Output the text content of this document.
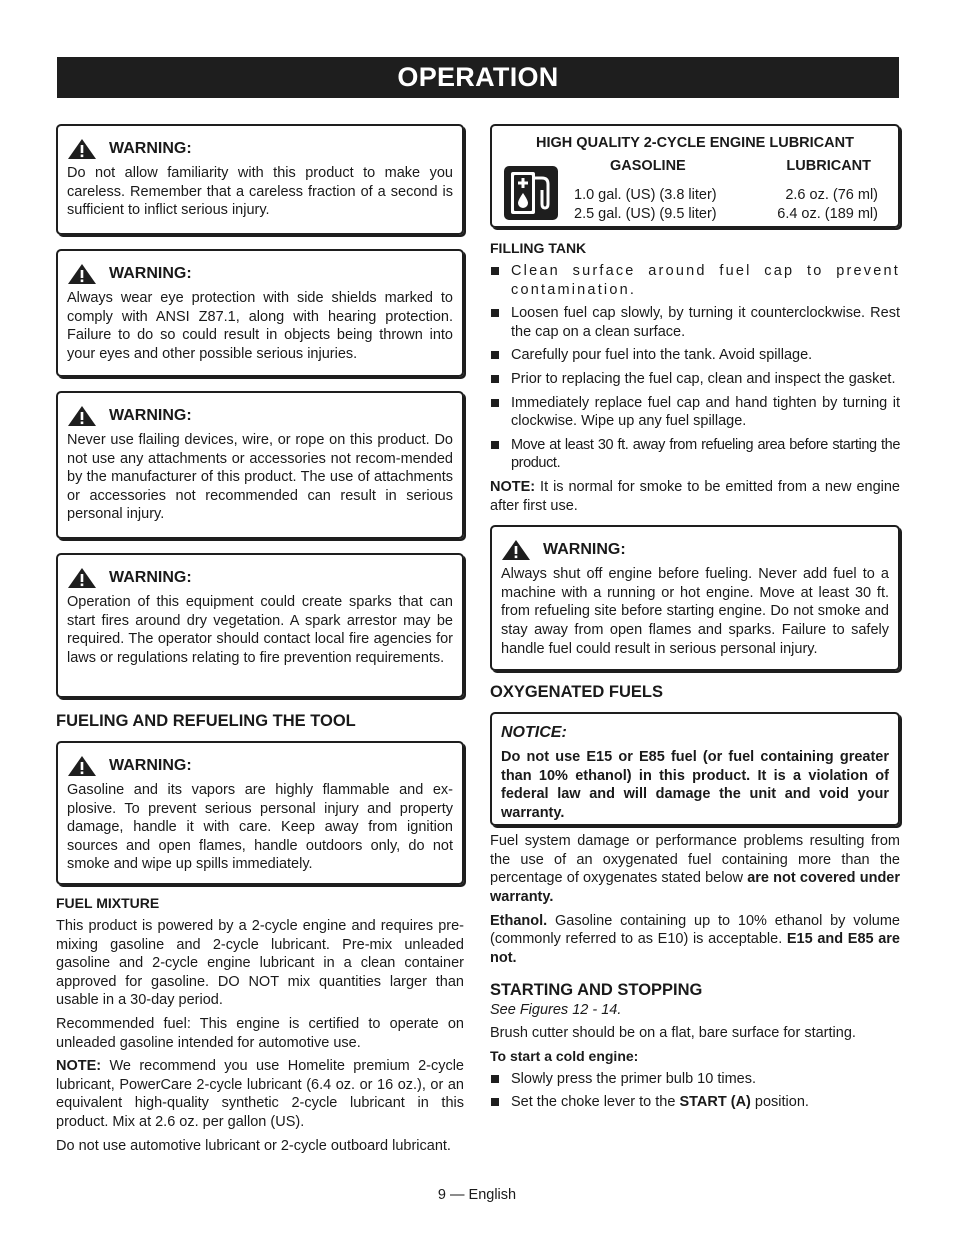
OPERATION
WARNING:
Do not allow familiarity with this product to make you careless. Remember that a careless fraction of a second is sufficient to inflict serious injury.
WARNING:
Always wear eye protection with side shields marked to comply with ANSI Z87.1, along with hearing protection. Failure to do so could result in objects being thrown into your eyes and other possible serious injuries.
WARNING:
Never use flailing devices, wire, or rope on this product. Do not use any attachments or accessories not recom-mended by the manufacturer of this product. The use of attachments or accessories not recommended can result in serious personal injury.
WARNING:
Operation of this equipment could create sparks that can start fires around dry vegetation. A spark arrestor may be required. The operator should contact local fire agencies for laws or regulations relating to fire prevention requirements.
FUELING AND REFUELING THE TOOL
WARNING:
Gasoline and its vapors are highly flammable and ex-plosive. To prevent serious personal injury and property damage, handle it with care. Keep away from ignition sources and open flames, handle outdoors only, do not smoke and wipe up spills immediately.
FUEL MIXTURE

This product is powered by a 2-cycle engine and requires pre-mixing gasoline and 2-cycle lubricant. Pre-mix unleaded gasoline and 2-cycle engine lubricant in a clean container approved for gasoline. DO NOT mix quantities larger than usable in a 30-day period.

Recommended fuel: This engine is certified to operate on unleaded gasoline intended for automotive use.

NOTE: We recommend you use Homelite premium 2-cycle lubricant, PowerCare 2-cycle lubricant (6.4 oz. or 16 oz.), or an equivalent high-quality synthetic 2-cycle lubricant in this product. Mix at 2.6 oz. per gallon (US).

Do not use automotive lubricant or 2-cycle outboard lubricant.

HIGH QUALITY 2-CYCLE ENGINE LUBRICANT
GASOLINE	LUBRICANT
1.0 gal. (US) (3.8 liter)	2.6 oz. (76 ml)
2.5 gal. (US) (9.5 liter)	6.4 oz. (189 ml)
FILLING TANK
Clean surface around fuel cap to prevent contamination.
Loosen fuel cap slowly, by turning it counterclockwise. Rest the cap on a clean surface.
Carefully pour fuel into the tank. Avoid spillage.
Prior to replacing the fuel cap, clean and inspect the gasket.
Immediately replace fuel cap and hand tighten by turning it clockwise. Wipe up any fuel spillage.
Move at least 30 ft. away from refueling area before starting the product.

NOTE: It is normal for smoke to be emitted from a new engine after first use.

WARNING:
Always shut off engine before fueling. Never add fuel to a machine with a running or hot engine. Move at least 30 ft. from refueling site before starting engine. Do not smoke and stay away from open flames and sparks. Failure to safely handle fuel could result in serious personal injury.
OXYGENATED FUELS
NOTICE:
Do not use E15 or E85 fuel (or fuel containing greater than 10% ethanol) in this product. It is a violation of federal law and will damage the unit and void your warranty.

Fuel system damage or performance problems resulting from the use of an oxygenated fuel containing more than the percentage of oxygenates stated below are not covered under warranty.

Ethanol. Gasoline containing up to 10% ethanol by volume (commonly referred to as E10) is acceptable. E15 and E85 are not.

STARTING AND STOPPING
See Figures 12 - 14.

Brush cutter should be on a flat, bare surface for starting.

To start a cold engine:
Slowly press the primer bulb 10 times.
Set the choke lever to the START (A) position.
9 — English
